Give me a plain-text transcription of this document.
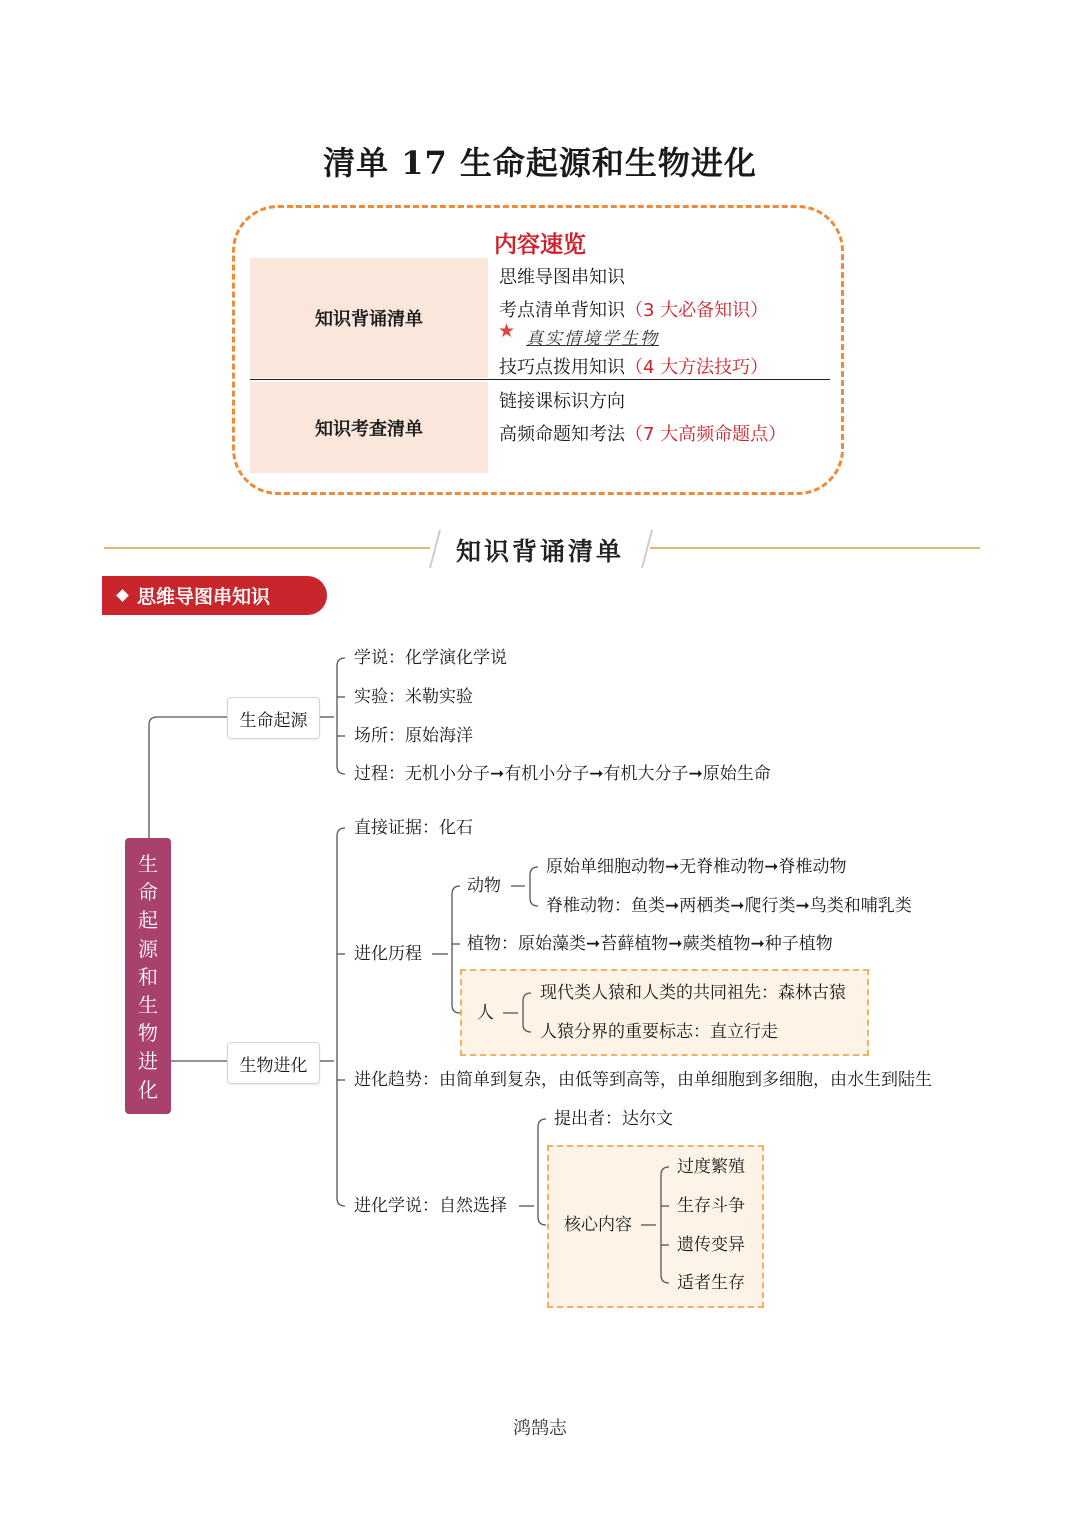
清单 17 生命起源和生物进化
内容速览
知识背诵清单
知识考查清单
思维导图串知识
考点清单背知识（3 大必备知识）
★ 真实情境学生物
技巧点拨用知识（4 大方法技巧）
链接课标识方向
高频命题知考法（7 大高频命题点）
知识背诵清单
思维导图串知识
生
命
起
源
和
生
物
进
化
生命起源
生物进化
学说：化学演化学说
实验：米勒实验
场所：原始海洋
过程：无机小分子➞有机小分子➞有机大分子➞原始生命
直接证据：化石
进化历程
动物
原始单细胞动物➞无脊椎动物➞脊椎动物
脊椎动物：鱼类➞两栖类➞爬行类➞鸟类和哺乳类
植物：原始藻类➞苔藓植物➞蕨类植物➞种子植物
人
现代类人猿和人类的共同祖先：森林古猿
人猿分界的重要标志：直立行走
进化趋势：由简单到复杂，由低等到高等，由单细胞到多细胞，由水生到陆生
进化学说：自然选择
提出者：达尔文
核心内容
过度繁殖
生存斗争
遗传变异
适者生存
鸿鹄志
